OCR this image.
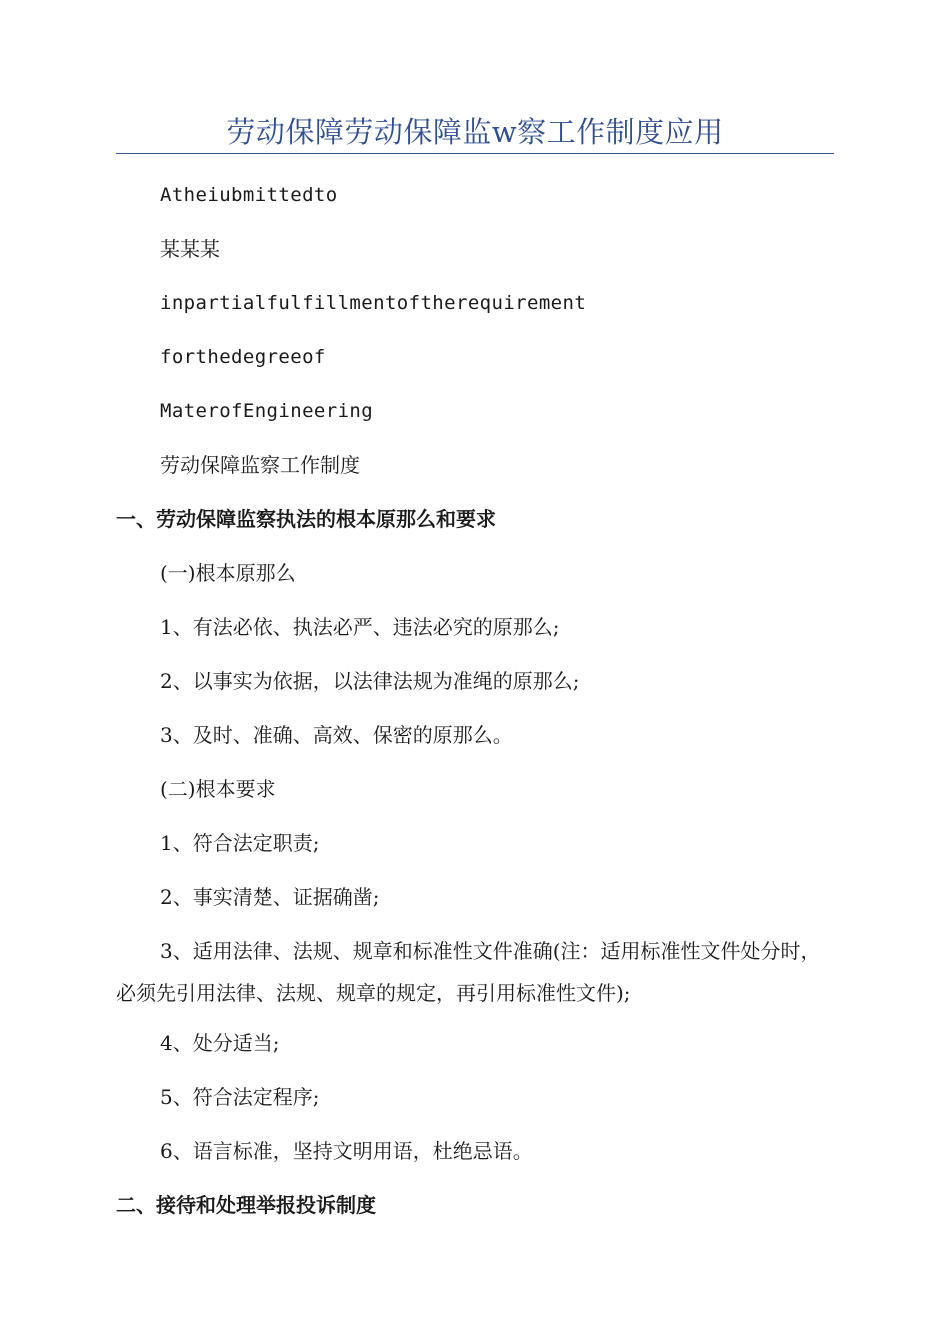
劳动保障劳动保障监w察工作制度应用
Atheiubmittedto
某某某
inpartialfulfillmentoftherequirement
forthedegreeof
MaterofEngineering
劳动保障监察工作制度
一、劳动保障监察执法的根本原那么和要求
(一)根本原那么
1、有法必依、执法必严、违法必究的原那么;
2、以事实为依据，以法律法规为准绳的原那么;
3、及时、准确、高效、保密的原那么。
(二)根本要求
1、符合法定职责;
2、事实清楚、证据确凿;
3、适用法律、法规、规章和标准性文件准确(注：适用标准性文件处分时，必须先引用法律、法规、规章的规定，再引用标准性文件);
4、处分适当;
5、符合法定程序;
6、语言标准，坚持文明用语，杜绝忌语。
二、接待和处理举报投诉制度
